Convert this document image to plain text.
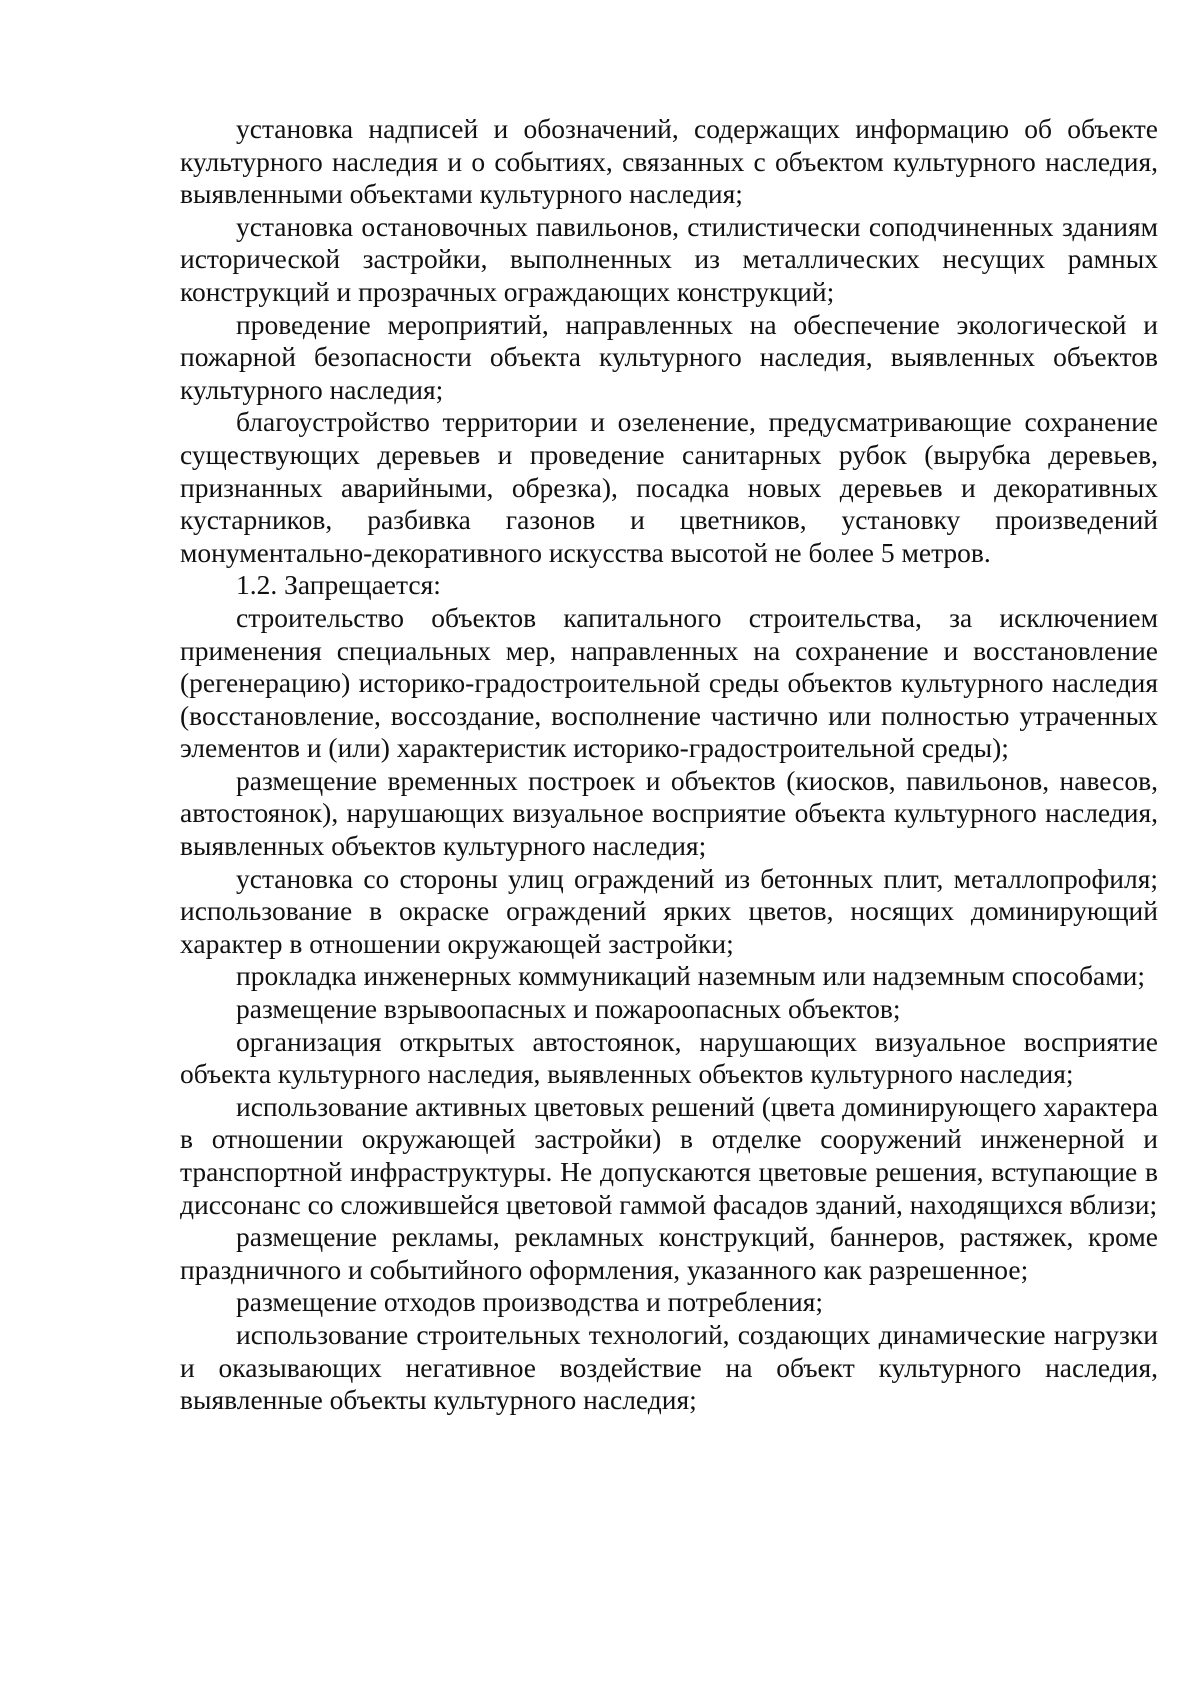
установка надписей и обозначений, содержащих информацию об объекте культурного наследия и о событиях, связанных с объектом культурного наследия, выявленными объектами культурного наследия;

установка остановочных павильонов, стилистически соподчиненных зданиям исторической застройки, выполненных из металлических несущих рамных конструкций и прозрачных ограждающих конструкций;

проведение мероприятий, направленных на обеспечение экологической и пожарной безопасности объекта культурного наследия, выявленных объектов культурного наследия;

благоустройство территории и озеленение, предусматривающие сохранение существующих деревьев и проведение санитарных рубок (вырубка деревьев, признанных аварийными, обрезка), посадка новых деревьев и декоративных кустарников, разбивка газонов и цветников, установку произведений монументально-декоративного искусства высотой не более 5 метров.

1.2. Запрещается:

строительство объектов капитального строительства, за исключением применения специальных мер, направленных на сохранение и восстановление (регенерацию) историко-градостроительной среды объектов культурного наследия (восстановление, воссоздание, восполнение частично или полностью утраченных элементов и (или) характеристик историко-градостроительной среды);

размещение временных построек и объектов (киосков, павильонов, навесов, автостоянок), нарушающих визуальное восприятие объекта культурного наследия, выявленных объектов культурного наследия;

установка со стороны улиц ограждений из бетонных плит, металлопрофиля; использование в окраске ограждений ярких цветов, носящих доминирующий характер в отношении окружающей застройки;

прокладка инженерных коммуникаций наземным или надземным способами;

размещение взрывоопасных и пожароопасных объектов;

организация открытых автостоянок, нарушающих визуальное восприятие объекта культурного наследия, выявленных объектов культурного наследия;

использование активных цветовых решений (цвета доминирующего характера в отношении окружающей застройки) в отделке сооружений инженерной и транспортной инфраструктуры. Не допускаются цветовые решения, вступающие в диссонанс со сложившейся цветовой гаммой фасадов зданий, находящихся вблизи;

размещение рекламы, рекламных конструкций, баннеров, растяжек, кроме праздничного и событийного оформления, указанного как разрешенное;

размещение отходов производства и потребления;

использование строительных технологий, создающих динамические нагрузки и оказывающих негативное воздействие на объект культурного наследия, выявленные объекты культурного наследия;
